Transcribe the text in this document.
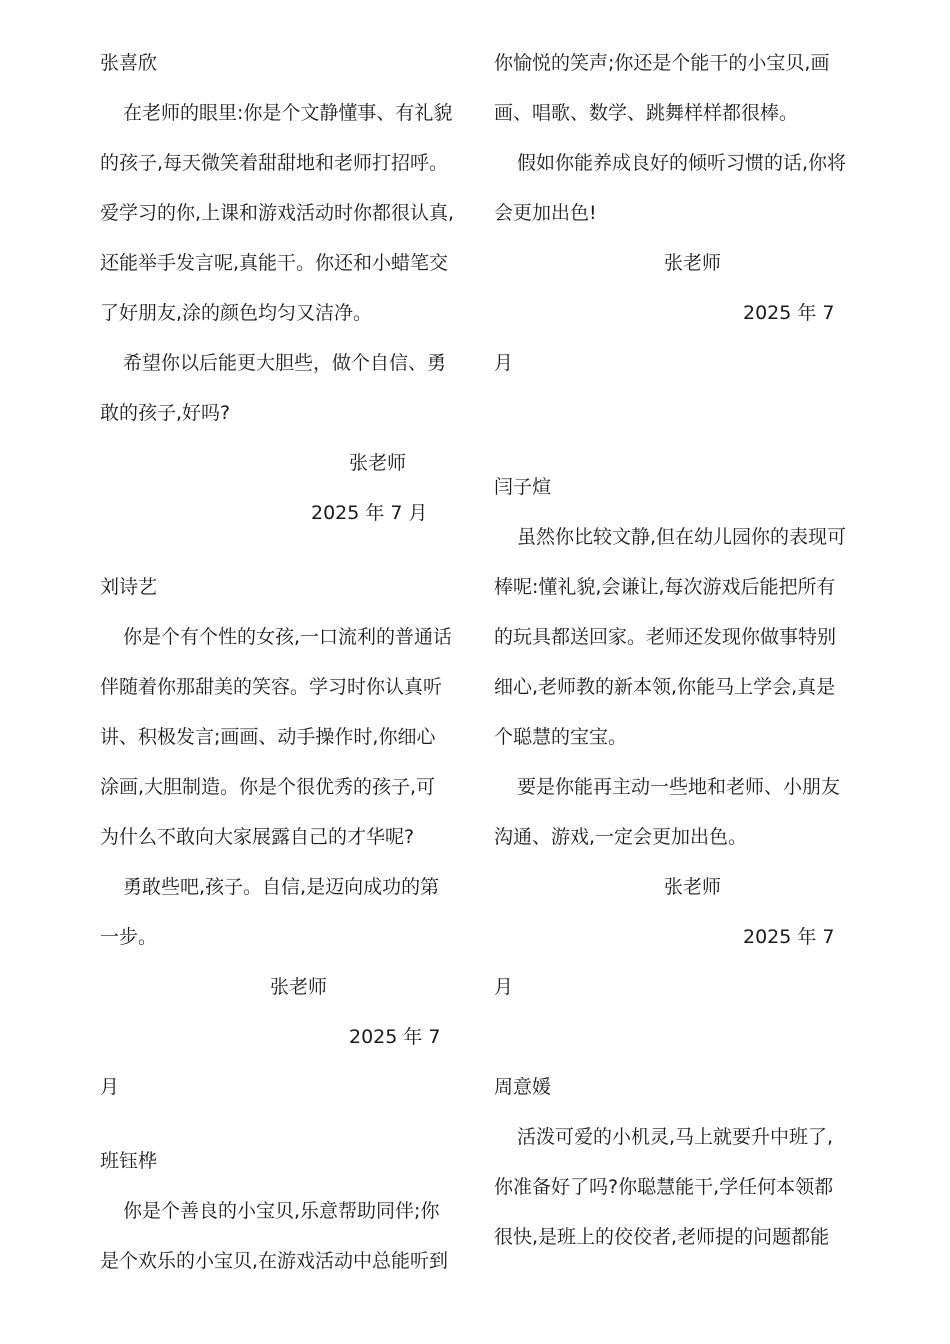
张喜欣
在老师的眼里:你是个文静懂事、有礼貌
的孩子,每天微笑着甜甜地和老师打招呼。
爱学习的你,上课和游戏活动时你都很认真,
还能举手发言呢,真能干。你还和小蜡笔交
了好朋友,涂的颜色均匀又洁净。
希望你以后能更大胆些，做个自信、勇
敢的孩子,好吗?
张老师
2025 年 7 月
刘诗艺
你是个有个性的女孩,一口流利的普通话
伴随着你那甜美的笑容。学习时你认真听
讲、积极发言;画画、动手操作时,你细心
涂画,大胆制造。你是个很优秀的孩子,可
为什么不敢向大家展露自己的才华呢?
勇敢些吧,孩子。自信,是迈向成功的第
一步。
张老师
2025 年 7
月
班钰桦
你是个善良的小宝贝,乐意帮助同伴;你
是个欢乐的小宝贝,在游戏活动中总能听到
你愉悦的笑声;你还是个能干的小宝贝,画
画、唱歌、数学、跳舞样样都很棒。
假如你能养成良好的倾听习惯的话,你将
会更加出色!
张老师
2025 年 7
月
闫子煊
虽然你比较文静,但在幼儿园你的表现可
棒呢:懂礼貌,会谦让,每次游戏后能把所有
的玩具都送回家。老师还发现你做事特别
细心,老师教的新本领,你能马上学会,真是
个聪慧的宝宝。
要是你能再主动一些地和老师、小朋友
沟通、游戏,一定会更加出色。
张老师
2025 年 7
月
周意媛
活泼可爱的小机灵,马上就要升中班了,
你准备好了吗?你聪慧能干,学任何本领都
很快,是班上的佼佼者,老师提的问题都能
